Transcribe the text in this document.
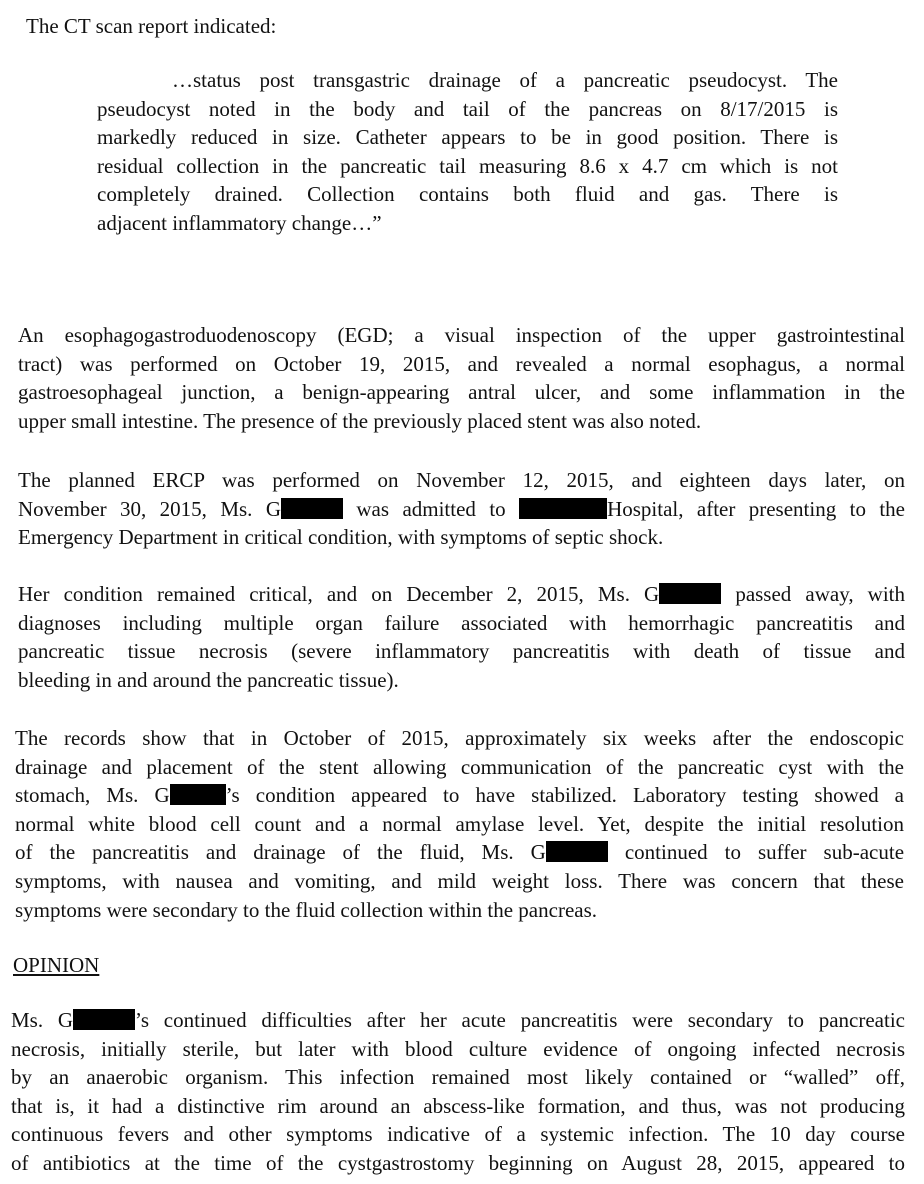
The CT scan report indicated:
…status post transgastric drainage of a pancreatic pseudocyst. The
pseudocyst noted in the body and tail of the pancreas on 8/17/2015 is
markedly reduced in size. Catheter appears to be in good position. There is
residual collection in the pancreatic tail measuring 8.6 x 4.7 cm which is not
completely drained. Collection contains both fluid and gas. There is
adjacent inflammatory change…”
An esophagogastroduodenoscopy (EGD; a visual inspection of the upper gastrointestinal
tract) was performed on October 19, 2015, and revealed a normal esophagus, a normal
gastroesophageal junction, a benign-appearing antral ulcer, and some inflammation in the
upper small intestine. The presence of the previously placed stent was also noted.
The planned ERCP was performed on November 12, 2015, and eighteen days later, on
November 30, 2015, Ms. G	was admitted to	Hospital, after presenting to the
Emergency Department in critical condition, with symptoms of septic shock.
Her condition remained critical, and on December 2, 2015, Ms. G	passed away, with
diagnoses including multiple organ failure associated with hemorrhagic pancreatitis and
pancreatic tissue necrosis (severe inflammatory pancreatitis with death of tissue and
bleeding in and around the pancreatic tissue).
The records show that in October of 2015, approximately six weeks after the endoscopic
drainage and placement of the stent allowing communication of the pancreatic cyst with the
stomach, Ms. G	’s condition appeared to have stabilized. Laboratory testing showed a
normal white blood cell count and a normal amylase level. Yet, despite the initial resolution
of the pancreatitis and drainage of the fluid, Ms. G	continued to suffer sub-acute
symptoms, with nausea and vomiting, and mild weight loss. There was concern that these
symptoms were secondary to the fluid collection within the pancreas.
OPINION
Ms. G	’s continued difficulties after her acute pancreatitis were secondary to pancreatic
necrosis, initially sterile, but later with blood culture evidence of ongoing infected necrosis
by an anaerobic organism. This infection remained most likely contained or “walled” off,
that is, it had a distinctive rim around an abscess-like formation, and thus, was not producing
continuous fevers and other symptoms indicative of a systemic infection. The 10 day course
of antibiotics at the time of the cystgastrostomy beginning on August 28, 2015, appeared to
